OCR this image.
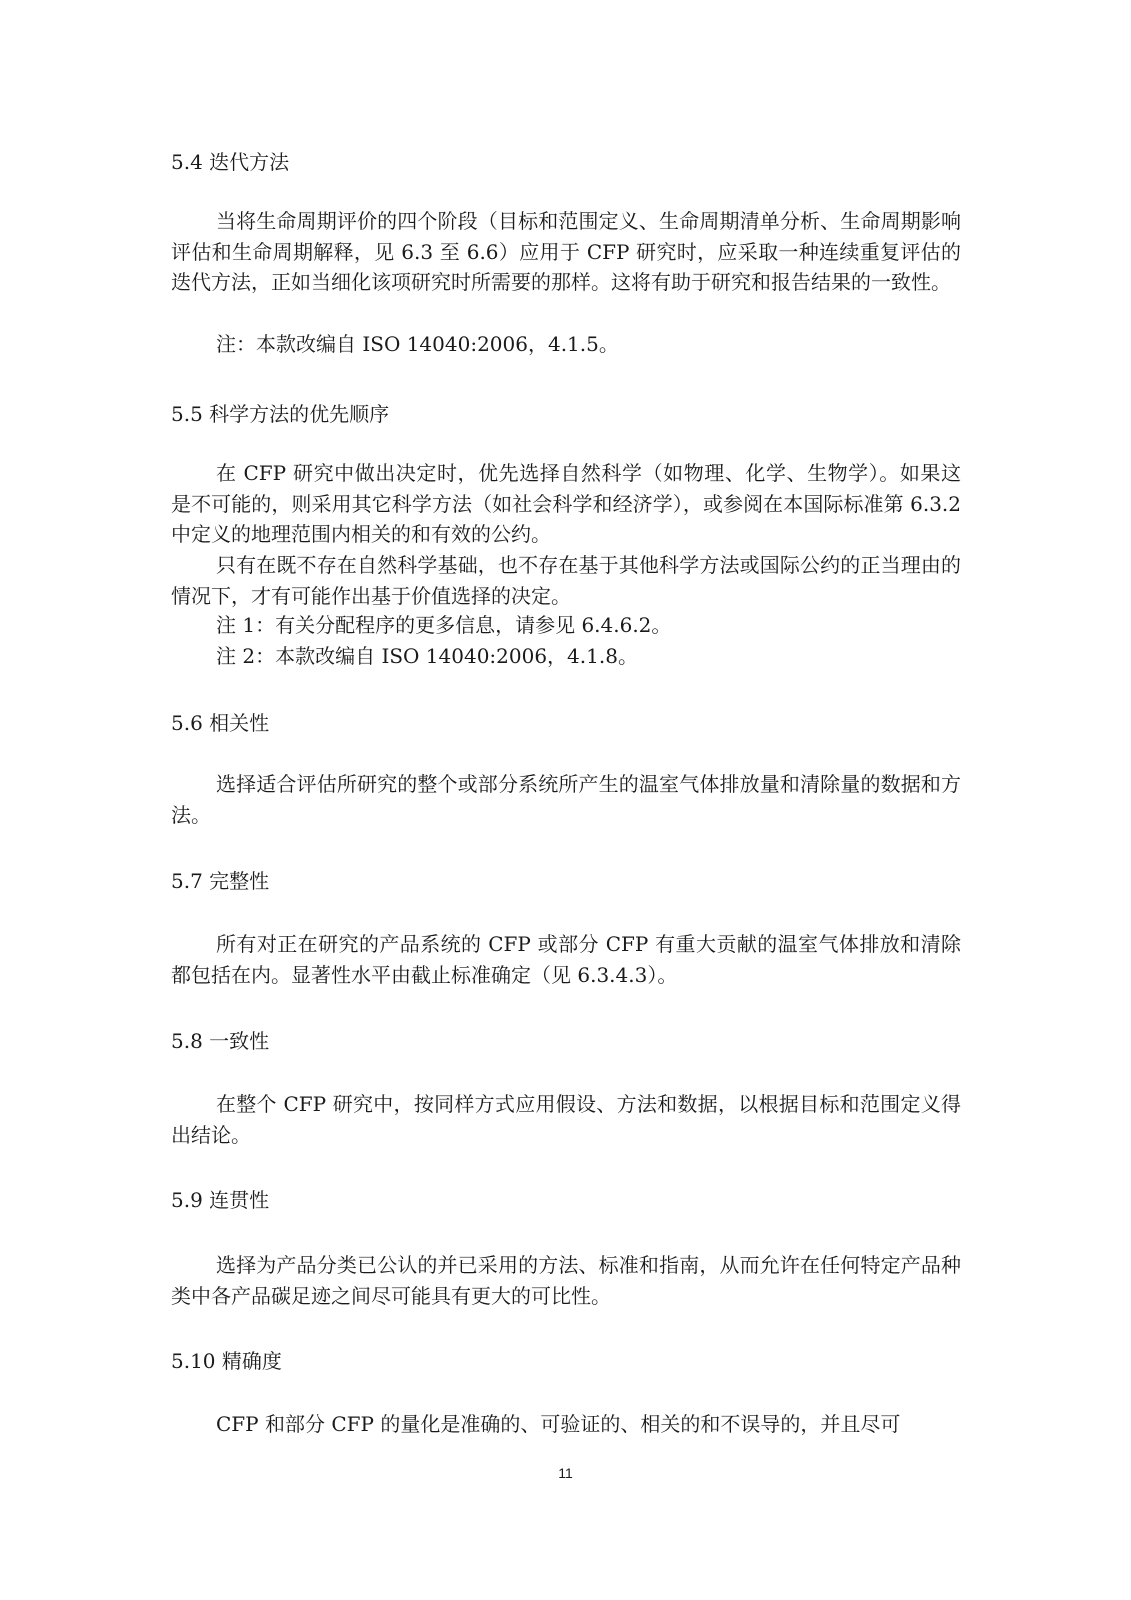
5.4 迭代方法

当将生命周期评价的四个阶段（目标和范围定义、生命周期清单分析、生命周期影响评估和生命周期解释，见 6.3 至 6.6）应用于 CFP 研究时，应采取一种连续重复评估的迭代方法，正如当细化该项研究时所需要的那样。这将有助于研究和报告结果的一致性。

注：本款改编自 ISO 14040:2006，4.1.5。
5.5 科学方法的优先顺序

在 CFP 研究中做出决定时，优先选择自然科学（如物理、化学、生物学）。如果这是不可能的，则采用其它科学方法（如社会科学和经济学），或参阅在本国际标准第 6.3.2 中定义的地理范围内相关的和有效的公约。

只有在既不存在自然科学基础，也不存在基于其他科学方法或国际公约的正当理由的情况下，才有可能作出基于价值选择的决定。

注 1：有关分配程序的更多信息，请参见 6.4.6.2。
注 2：本款改编自 ISO 14040:2006，4.1.8。
5.6 相关性

选择适合评估所研究的整个或部分系统所产生的温室气体排放量和清除量的数据和方法。

5.7 完整性

所有对正在研究的产品系统的 CFP 或部分 CFP 有重大贡献的温室气体排放和清除都包括在内。显著性水平由截止标准确定（见 6.3.4.3）。

5.8 一致性

在整个 CFP 研究中，按同样方式应用假设、方法和数据，以根据目标和范围定义得出结论。

5.9 连贯性

选择为产品分类已公认的并已采用的方法、标准和指南，从而允许在任何特定产品种类中各产品碳足迹之间尽可能具有更大的可比性。

5.10 精确度

CFP 和部分 CFP 的量化是准确的、可验证的、相关的和不误导的，并且尽可

11
